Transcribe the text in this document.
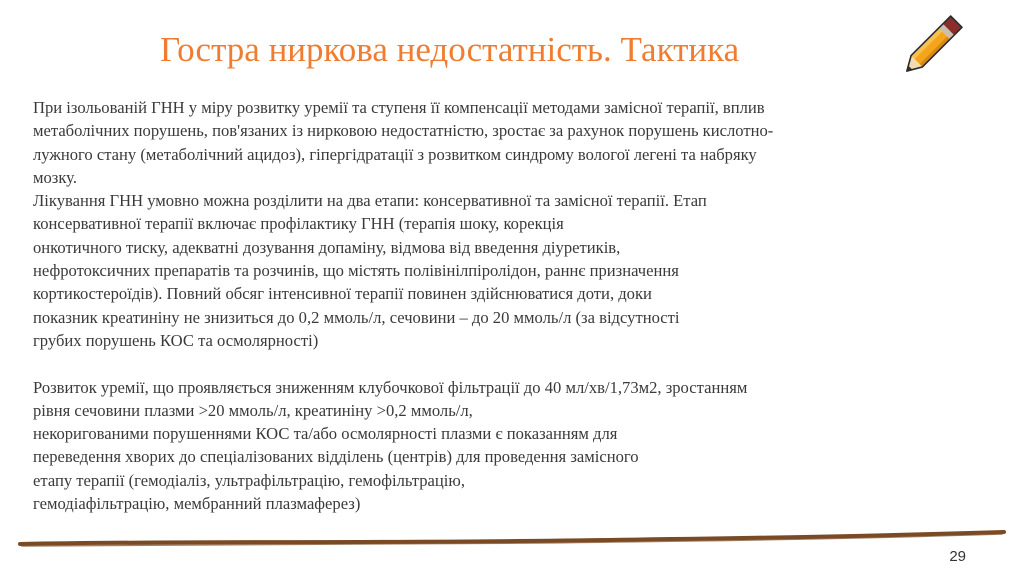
Гостра ниркова недостатність. Тактика
При ізольованій ГНН у міру розвитку уремії та ступеня її компенсації методами замісної терапії, вплив
метаболічних порушень, пов'язаних із нирковою недостатністю, зростає за рахунок порушень кислотно-
лужного стану (метаболічний ацидоз), гіпергідратації з розвитком синдрому вологої легені та набряку
мозку.
Лікування ГНН умовно можна розділити на два етапи: консервативної та замісної терапії. Етап
консервативної терапії включає профілактику ГНН (терапія шоку, корекція
онкотичного тиску, адекватні дозування допаміну, відмова від введення діуретиків,
нефротоксичних препаратів та розчинів, що містять полівінілпіролідон, раннє призначення
кортикостероїдів). Повний обсяг інтенсивної терапії повинен здійснюватися доти, доки
показник креатиніну не знизиться до 0,2 ммоль/л, сечовини – до 20 ммоль/л (за відсутності
грубих порушень КОС та осмолярності)
Розвиток уремії, що проявляється зниженням клубочкової фільтрації до 40 мл/хв/1,73м2, зростанням
рівня сечовини плазми >20 ммоль/л, креатиніну >0,2 ммоль/л,
некоригованими порушеннями КОС та/або осмолярності плазми є показанням для
переведення хворих до спеціалізованих відділень (центрів) для проведення замісного
етапу терапії (гемодіаліз, ультрафільтрацію, гемофільтрацію,
гемодіафільтрацію, мембранний плазмаферез)
29
